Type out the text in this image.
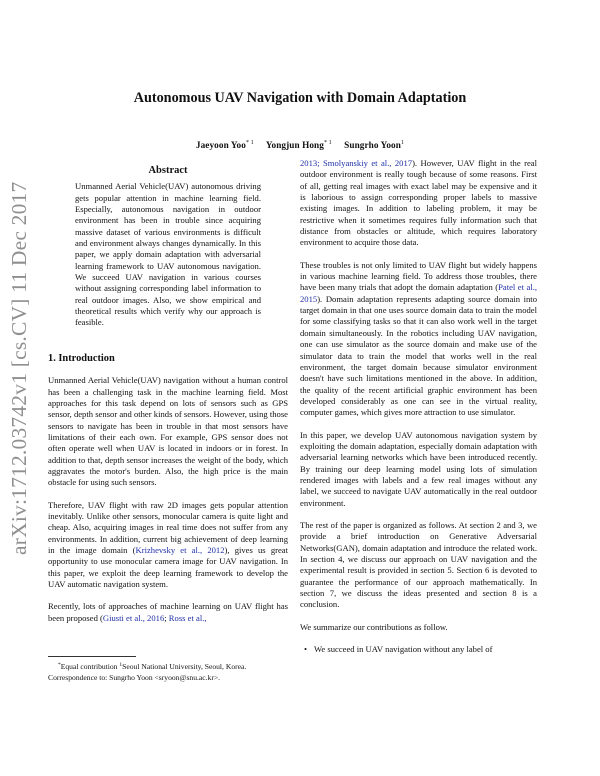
arXiv:1712.03742v1 [cs.CV] 11 Dec 2017
Autonomous UAV Navigation with Domain Adaptation
Jaeyoon Yoo$^{* 1}$ Yongjun Hong$^{* 1}$ Sungrho Yoon$^1$
Abstract
Unmanned Aerial Vehicle(UAV) autonomous driving gets popular attention in machine learning field. Especially, autonomous navigation in outdoor environment has been in trouble since acquiring massive dataset of various environments is difficult and environment always changes dynamically. In this paper, we apply domain adaptation with adversarial learning framework to UAV autonomous navigation. We succeed UAV navigation in various courses without assigning corresponding label information to real outdoor images. Also, we show empirical and theoretical results which verify why our approach is feasible.
1. Introduction

Unmanned Aerial Vehicle(UAV) navigation without a human control has been a challenging task in the machine learning field. Most approaches for this task depend on lots of sensors such as GPS sensor, depth sensor and other kinds of sensors. However, using those sensors to navigate has been in trouble in that most sensors have limitations of their each own. For example, GPS sensor does not often operate well when UAV is located in indoors or in forest. In addition to that, depth sensor increases the weight of the body, which aggravates the motor's burden. Also, the high price is the main obstacle for using such sensors.

Therefore, UAV flight with raw 2D images gets popular attention inevitably. Unlike other sensors, monocular camera is quite light and cheap. Also, acquiring images in real time does not suffer from any environments. In addition, current big achievement of deep learning in the image domain (Krizhevsky et al., 2012), gives us great opportunity to use monocular camera image for UAV navigation. In this paper, we exploit the deep learning framework to develop the UAV automatic navigation system.

Recently, lots of approaches of machine learning on UAV flight has been proposed (Giusti et al., 2016; Ross et al.,

*Equal contribution $^1$Seoul National University, Seoul, Korea. Correspondence to: Sungrho Yoon <sryoon@snu.ac.kr>.

2013; Smolyanskiy et al., 2017). However, UAV flight in the real outdoor environment is really tough because of some reasons. First of all, getting real images with exact label may be expensive and it is laborious to assign corresponding proper labels to massive existing images. In addition to labeling problem, it may be restrictive when it sometimes requires fully information such that distance from obstacles or altitude, which requires laboratory environment to acquire those data.

These troubles is not only limited to UAV flight but widely happens in various machine learning field. To address those troubles, there have been many trials that adopt the domain adaptation (Patel et al., 2015). Domain adaptation represents adapting source domain into target domain in that one uses source domain data to train the model for some classifying tasks so that it can also work well in the target domain simultaneously. In the robotics including UAV navigation, one can use simulator as the source domain and make use of the simulator data to train the model that works well in the real environment, the target domain because simulator environment doesn't have such limitations mentioned in the above. In addition, the quality of the recent artificial graphic environment has been developed considerably as one can see in the virtual reality, computer games, which gives more attraction to use simulator.

In this paper, we develop UAV autonomous navigation system by exploiting the domain adaptation, especially domain adaptation with adversarial learning networks which have been introduced recently. By training our deep learning model using lots of simulation rendered images with labels and a few real images without any label, we succeed to navigate UAV automatically in the real outdoor environment.

The rest of the paper is organized as follows. At section 2 and 3, we provide a brief introduction on Generative Adversarial Networks(GAN), domain adaptation and introduce the related work. In section 4, we discuss our approach on UAV navigation and the experimental result is provided in section 5. Section 6 is devoted to guarantee the performance of our approach mathematically. In section 7, we discuss the ideas presented and section 8 is a conclusion.

We summarize our contributions as follow.

• We succeed in UAV navigation without any label of
